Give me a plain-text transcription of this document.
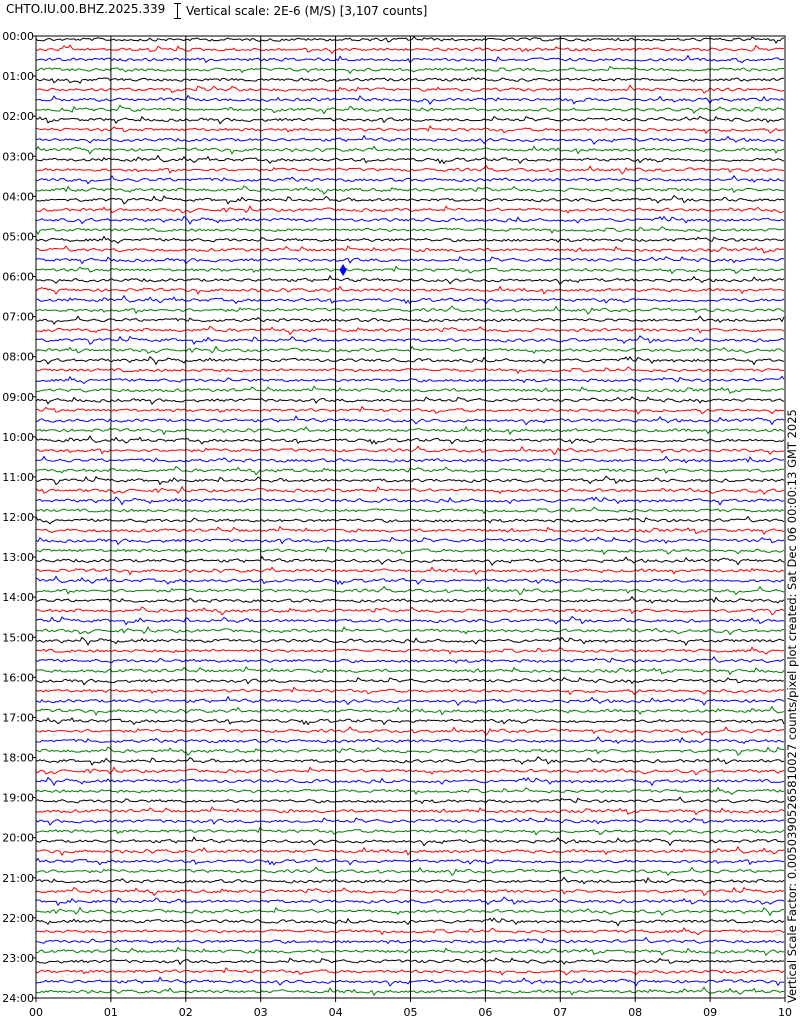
00:00
01:00
02:00
03:00
04:00
05:00
06:00
07:00
08:00
09:00
10:00
11:00
12:00
13:00
14:00
15:00
16:00
17:00
18:00
19:00
20:00
21:00
22:00
23:00
24:00
00	01	02	03	04	05	06	07	08	09	10
CHTO.IU.00.BHZ.2025.339 Vertical scale: 2E-6 (M/S) [3,107 counts]
Vertical Scale Factor: 0.00503905265810027 counts/pixel plot created: Sat Dec 06 00:00:13 GMT 2025
